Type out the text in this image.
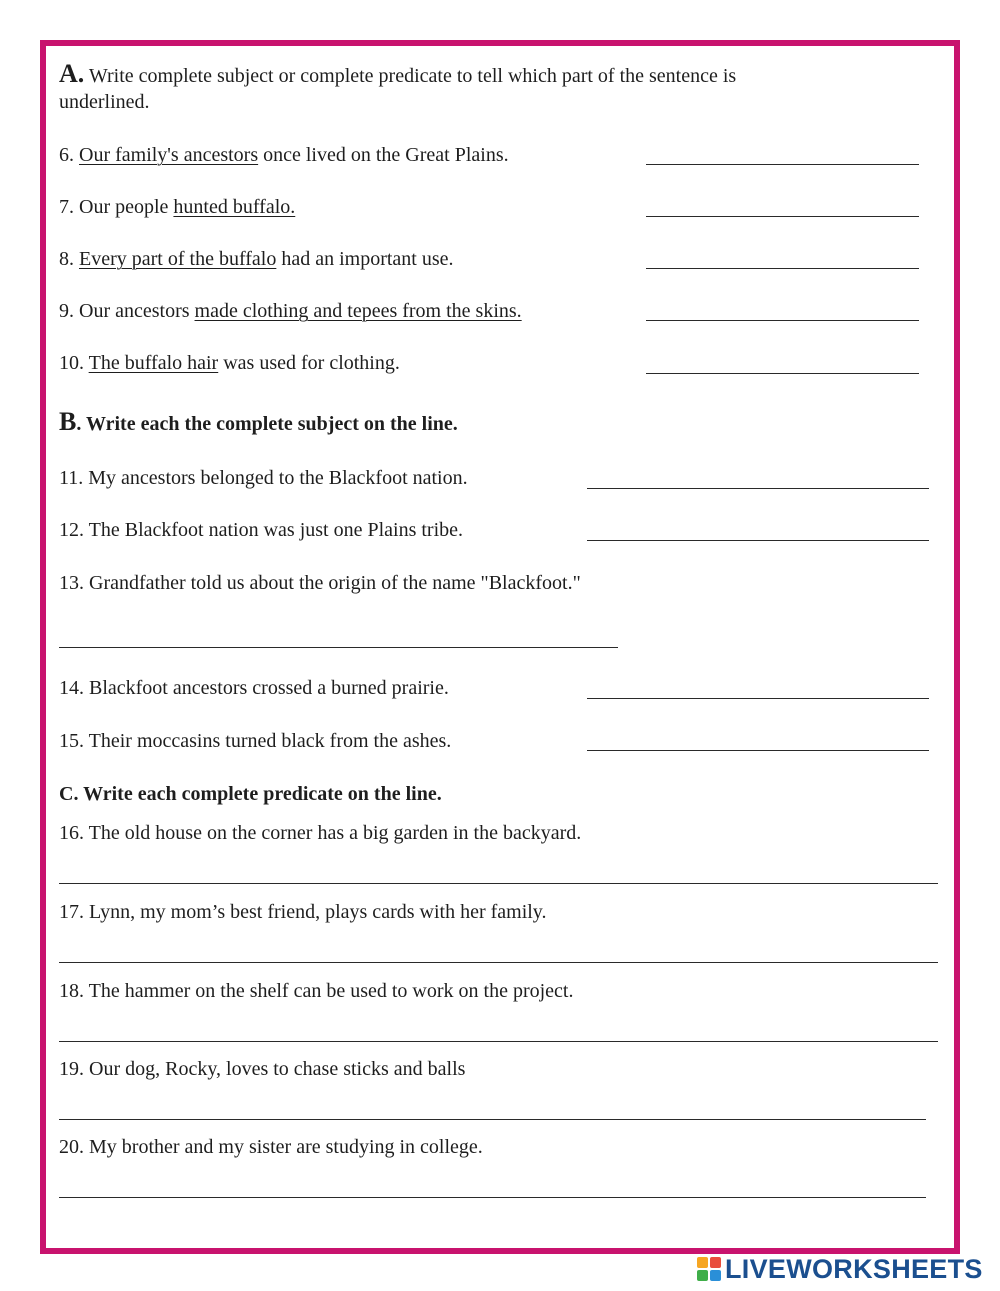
A. Write complete subject or complete predicate to tell which part of the sentence is
underlined.
6. Our family's ancestors once lived on the Great Plains.
7. Our people hunted buffalo.
8. Every part of the buffalo had an important use.
9. Our ancestors made clothing and tepees from the skins.
10. The buffalo hair was used for clothing.
B. Write each the complete subject on the line.
11. My ancestors belonged to the Blackfoot nation.
12. The Blackfoot nation was just one Plains tribe.
13. Grandfather told us about the origin of the name "Blackfoot."
14. Blackfoot ancestors crossed a burned prairie.
15. Their moccasins turned black from the ashes.
C. Write each complete predicate on the line.
16. The old house on the corner has a big garden in the backyard.
17. Lynn, my mom’s best friend, plays cards with her family.
18. The hammer on the shelf can be used to work on the project.
19. Our dog, Rocky, loves to chase sticks and balls
20. My brother and my sister are studying in college.
LIVEWORKSHEETS
